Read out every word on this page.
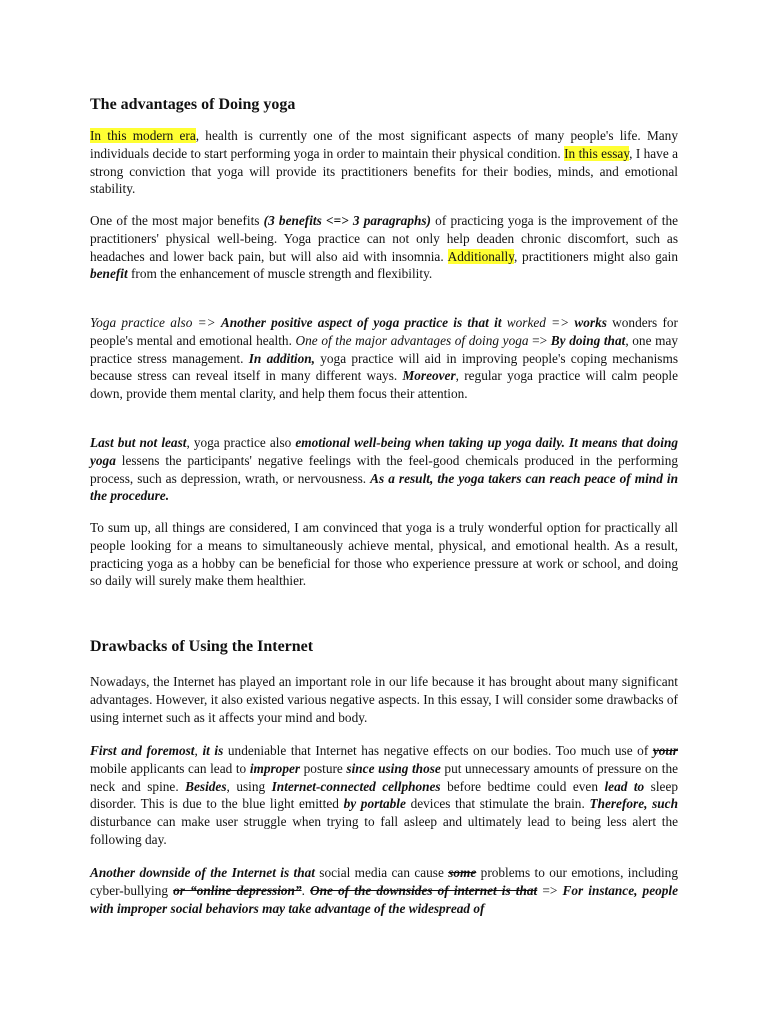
The advantages of Doing yoga

In this modern era, health is currently one of the most significant aspects of many people's life. Many individuals decide to start performing yoga in order to maintain their physical condition. In this essay, I have a strong conviction that yoga will provide its practitioners benefits for their bodies, minds, and emotional stability.

One of the most major benefits (3 benefits <=> 3 paragraphs) of practicing yoga is the improvement of the practitioners' physical well-being. Yoga practice can not only help deaden chronic discomfort, such as headaches and lower back pain, but will also aid with insomnia. Additionally, practitioners might also gain benefit from the enhancement of muscle strength and flexibility.

Yoga practice also => Another positive aspect of yoga practice is that it worked => works wonders for people's mental and emotional health. One of the major advantages of doing yoga => By doing that, one may practice stress management. In addition, yoga practice will aid in improving people's coping mechanisms because stress can reveal itself in many different ways. Moreover, regular yoga practice will calm people down, provide them mental clarity, and help them focus their attention.

Last but not least, yoga practice also emotional well-being when taking up yoga daily. It means that doing yoga lessens the participants' negative feelings with the feel-good chemicals produced in the performing process, such as depression, wrath, or nervousness. As a result, the yoga takers can reach peace of mind in the procedure.

To sum up, all things are considered, I am convinced that yoga is a truly wonderful option for practically all people looking for a means to simultaneously achieve mental, physical, and emotional health. As a result, practicing yoga as a hobby can be beneficial for those who experience pressure at work or school, and doing so daily will surely make them healthier.

Drawbacks of Using the Internet

Nowadays, the Internet has played an important role in our life because it has brought about many significant advantages. However, it also existed various negative aspects. In this essay, I will consider some drawbacks of using internet such as it affects your mind and body.

First and foremost, it is undeniable that Internet has negative effects on our bodies. Too much use of your mobile applicants can lead to improper posture since using those put unnecessary amounts of pressure on the neck and spine. Besides, using Internet-connected cellphones before bedtime could even lead to sleep disorder. This is due to the blue light emitted by portable devices that stimulate the brain. Therefore, such disturbance can make user struggle when trying to fall asleep and ultimately lead to being less alert the following day.

Another downside of the Internet is that social media can cause some problems to our emotions, including cyber-bullying or “online depression”. One of the downsides of internet is that => For instance, people with improper social behaviors may take advantage of the widespread of
